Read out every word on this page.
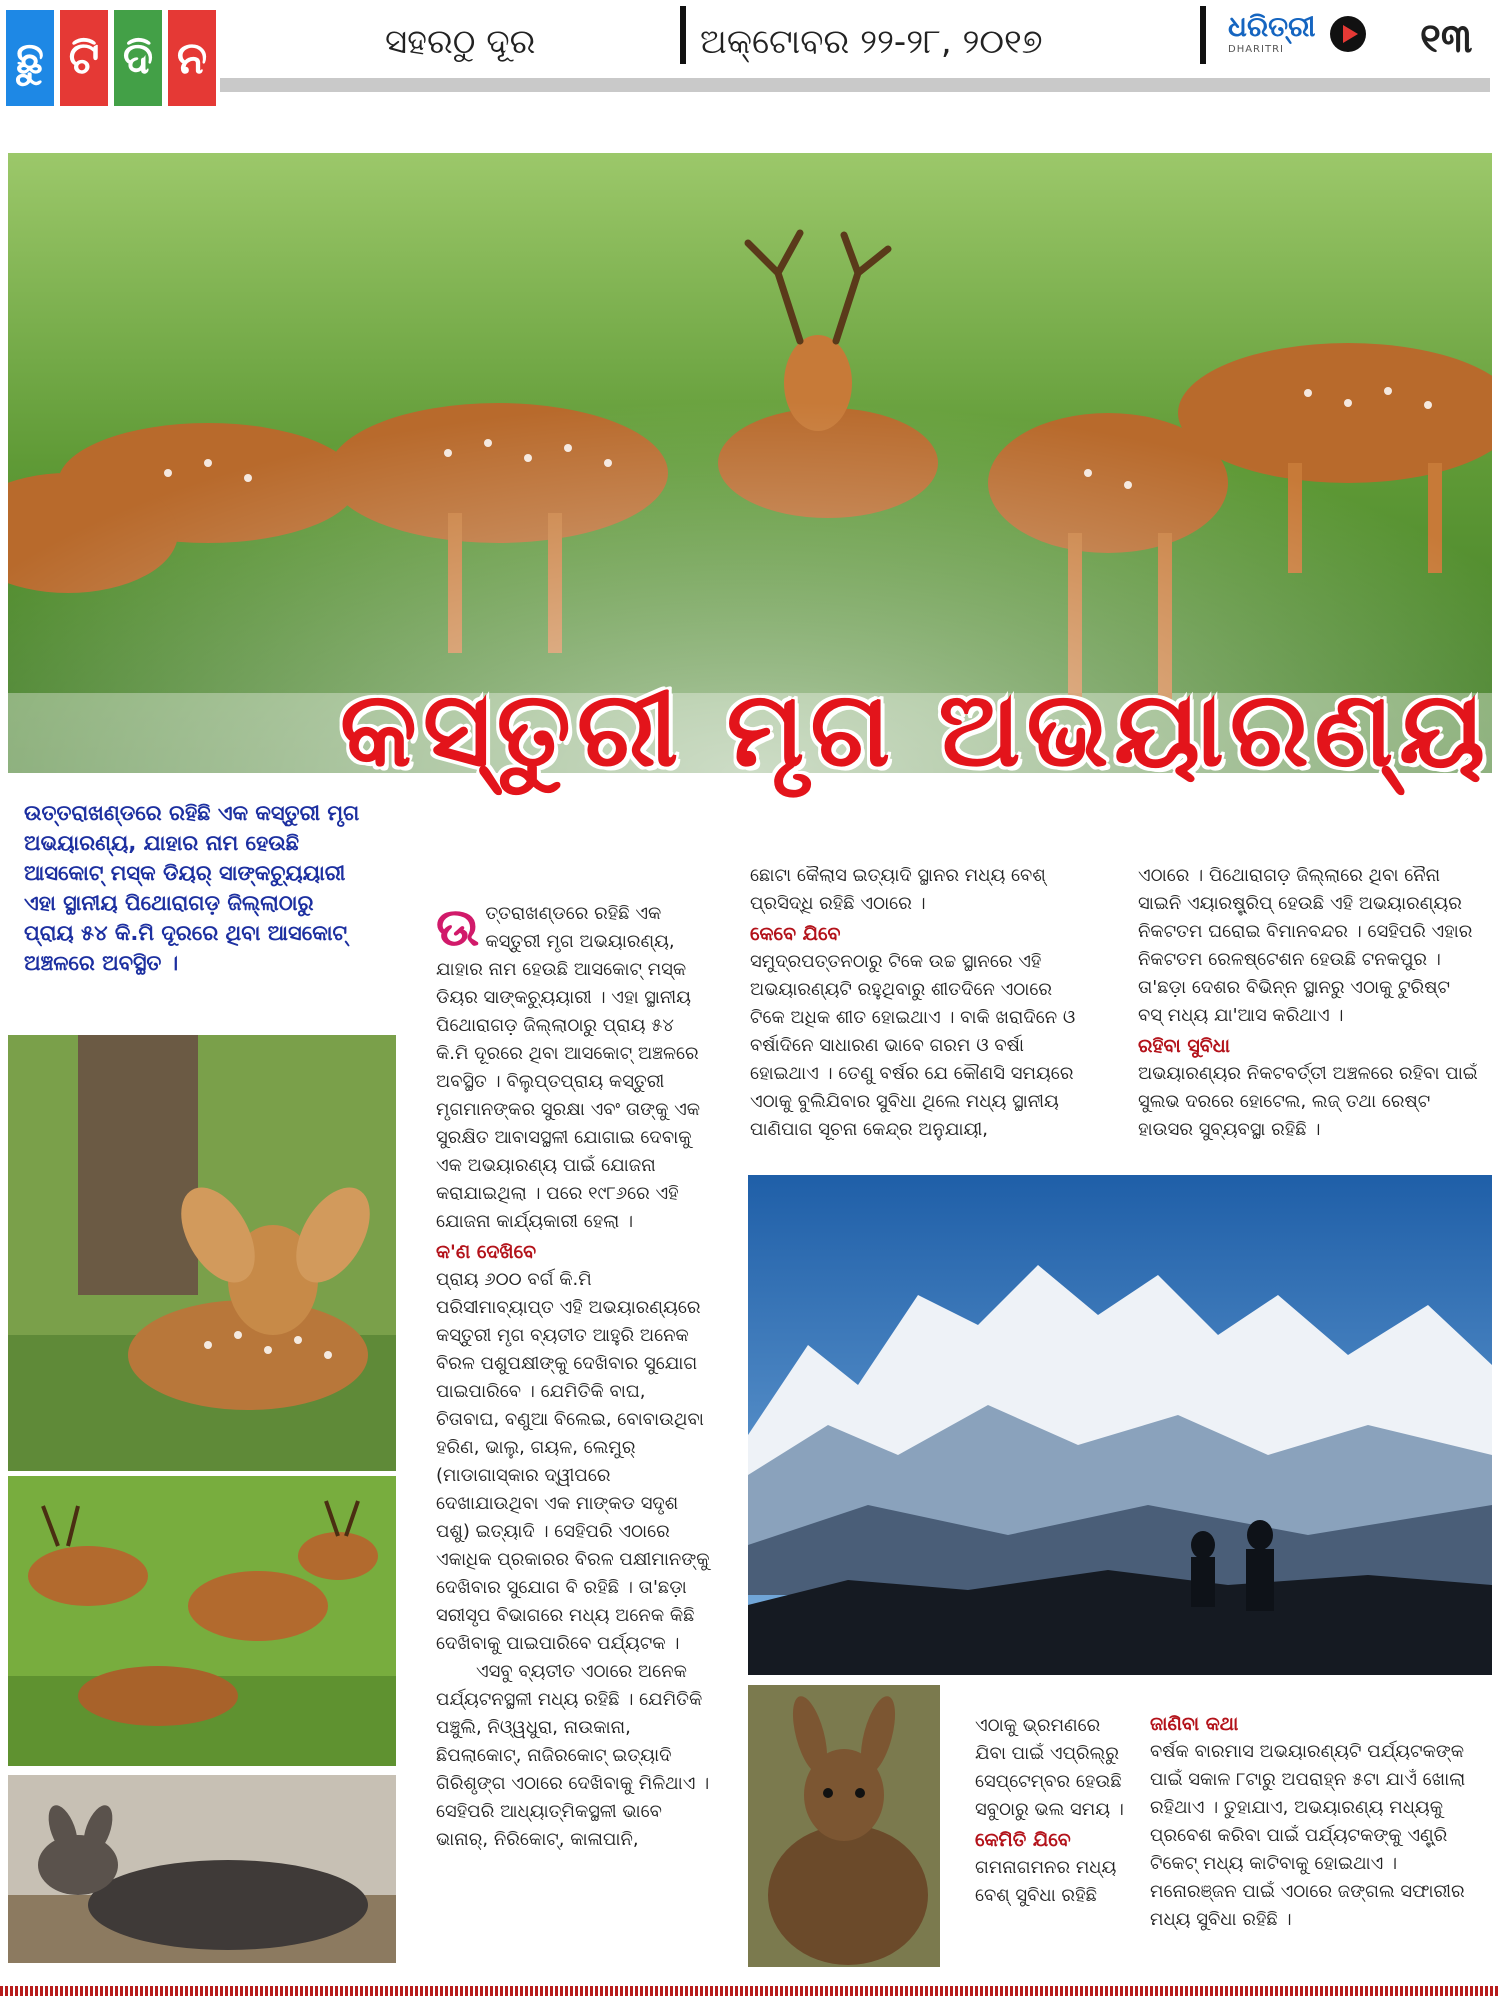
ଛୁ ଟି ଦି ନ	ସହରଠୁ ଦୂର	ଅକ୍ଟୋବର ୨୨-୨୮, ୨୦୧୭	ଧରିତ୍ରୀ
DHARITRI	୧୩
କସ୍ତୁରୀ ମୃଗ ଅଭୟାରଣ୍ୟ
ଉତ୍ତରାଖଣ୍ଡରେ ରହିଛି ଏକ କସ୍ତୁରୀ ମୃଗ ଅଭୟାରଣ୍ୟ, ଯାହାର ନାମ ହେଉଛି ଆସକୋଟ୍ ମସ୍କ ଡିୟର୍ ସାଙ୍କଚ୍ୟୁୟାରୀ ଏହା ସ୍ଥାନୀୟ ପିଥୋରାଗଡ଼ ଜିଲ୍ଲାଠାରୁ ପ୍ରାୟ ୫୪ କି.ମି ଦୂରରେ ଥିବା ଆସକୋଟ୍ ଅଞ୍ଚଳରେ ଅବସ୍ଥିତ ।

ଉତ୍ତରାଖଣ୍ଡରେ ରହିଛି ଏକ କସ୍ତୁରୀ ମୃଗ ଅଭୟାରଣ୍ୟ, ଯାହାର ନାମ ହେଉଛି ଆସକୋଟ୍ ମସ୍କ ଡିୟର ସାଙ୍କଚ୍ୟୁୟାରୀ । ଏହା ସ୍ଥାନୀୟ ପିଥୋରାଗଡ଼ ଜିଲ୍ଲାଠାରୁ ପ୍ରାୟ ୫୪ କି.ମି ଦୂରରେ ଥିବା ଆସକୋଟ୍ ଅଞ୍ଚଳରେ ଅବସ୍ଥିତ । ବିଲୁପ୍ତପ୍ରାୟ କସ୍ତୁରୀ ମୃଗମାନଙ୍କର ସୁରକ୍ଷା ଏବଂ ତାଙ୍କୁ ଏକ ସୁରକ୍ଷିତ ଆବାସସ୍ଥଳୀ ଯୋଗାଇ ଦେବାକୁ ଏକ ଅଭୟାରଣ୍ୟ ପାଇଁ ଯୋଜନା କରାଯାଇଥିଲା । ପରେ ୧୯୮୬ରେ ଏହି ଯୋଜନା କାର୍ଯ୍ୟକାରୀ ହେଲା ।

କ'ଣ ଦେଖିବେ

ପ୍ରାୟ ୬୦୦ ବର୍ଗ କି.ମି ପରିସୀମାବ୍ୟାପ୍ତ ଏହି ଅଭୟାରଣ୍ୟରେ କସ୍ତୁରୀ ମୃଗ ବ୍ୟତୀତ ଆହୁରି ଅନେକ ବିରଳ ପଶୁପକ୍ଷୀଙ୍କୁ ଦେଖିବାର ସୁଯୋଗ ପାଇପାରିବେ । ଯେମିତିକି ବାଘ, ଚିତାବାଘ, ବଣୁଆ ବିଲେଇ, ବୋବାଉଥିବା ହରିଣ, ଭାଲୁ, ଗୟଳ, ଲେମୁର୍ (ମାଡାଗାସ୍କାର ଦ୍ୱୀପରେ ଦେଖାଯାଉଥିବା ଏକ ମାଙ୍କଡ ସଦୃଶ ପଶୁ) ଇତ୍ୟାଦି । ସେହିପରି ଏଠାରେ ଏକାଧିକ ପ୍ରକାରର ବିରଳ ପକ୍ଷୀମାନଙ୍କୁ ଦେଖିବାର ସୁଯୋଗ ବି ରହିଛି । ତା'ଛଡ଼ା ସରୀସୃପ ବିଭାଗରେ ମଧ୍ୟ ଅନେକ କିଛି ଦେଖିବାକୁ ପାଇପାରିବେ ପର୍ଯ୍ୟଟକ ।

ଏସବୁ ବ୍ୟତୀତ ଏଠାରେ ଅନେକ ପର୍ଯ୍ୟଟନସ୍ଥଳୀ ମଧ୍ୟ ରହିଛି । ଯେମିତିକି ପଞ୍ଚୁଲି, ନିଓ୍ୱଧୁରା, ନାଉକାନା, ଛିପଲାକୋଟ୍, ନାଜିରକୋଟ୍ ଇତ୍ୟାଦି ଗିରିଶୃଙ୍ଗ ଏଠାରେ ଦେଖିବାକୁ ମିଳିଥାଏ । ସେହିପରି ଆଧ୍ୟାତ୍ମିକସ୍ଥଳୀ ଭାବେ ଭାନାର୍, ନିରିକୋଟ୍, କାଳାପାନି,

ଛୋଟା କୈଲାସ ଇତ୍ୟାଦି ସ୍ଥାନର ମଧ୍ୟ ବେଶ୍ ପ୍ରସିଦ୍ଧି ରହିଛି ଏଠାରେ ।

କେବେ ଯିବେ

ସମୁଦ୍ରପତ୍ତନଠାରୁ ଟିକେ ଉଚ୍ଚ ସ୍ଥାନରେ ଏହି ଅଭୟାରଣ୍ୟଟି ରହୁଥିବାରୁ ଶୀତଦିନେ ଏଠାରେ ଟିକେ ଅଧିକ ଶୀତ ହୋଇଥାଏ । ବାକି ଖରାଦିନେ ଓ ବର୍ଷାଦିନେ ସାଧାରଣ ଭାବେ ଗରମ ଓ ବର୍ଷା ହୋଇଥାଏ । ତେଣୁ ବର୍ଷର ଯେ କୌଣସି ସମୟରେ ଏଠାକୁ ବୁଲିଯିବାର ସୁବିଧା ଥିଲେ ମଧ୍ୟ ସ୍ଥାନୀୟ ପାଣିପାଗ ସୂଚନା କେନ୍ଦ୍ର ଅନୁଯାୟୀ,

ଏଠାରେ । ପିଥୋରାଗଡ଼ ଜିଲ୍ଲାରେ ଥିବା ନୈନା ସାଇନି ଏୟାରଷ୍ଟ୍ରିପ୍ ହେଉଛି ଏହି ଅଭୟାରଣ୍ୟର ନିକଟତମ ଘରୋଇ ବିମାନବନ୍ଦର । ସେହିପରି ଏହାର ନିକଟତମ ରେଳଷ୍ଟେଶନ ହେଉଛି ଟନକପୁର । ତା'ଛଡ଼ା ଦେଶର ବିଭିନ୍ନ ସ୍ଥାନରୁ ଏଠାକୁ ଟୁରିଷ୍ଟ ବସ୍ ମଧ୍ୟ ଯା'ଆସ କରିଥାଏ ।

ରହିବା ସୁବିଧା

ଅଭୟାରଣ୍ୟର ନିକଟବର୍ତ୍ତୀ ଅଞ୍ଚଳରେ ରହିବା ପାଇଁ ସୁଲଭ ଦରରେ ହୋଟେଲ, ଲଜ୍ ତଥା ରେଷ୍ଟ ହାଉସର ସୁବ୍ୟବସ୍ଥା ରହିଛି ।

ଏଠାକୁ ଭ୍ରମଣରେ ଯିବା ପାଇଁ ଏପ୍ରିଲ୍‌ରୁ ସେପ୍ଟେମ୍ବର ହେଉଛି ସବୁଠାରୁ ଭଲ ସମୟ ।

କେମିତି ଯିବେ

ଗମନାଗମନର ମଧ୍ୟ ବେଶ୍ ସୁବିଧା ରହିଛି

ଜାଣିବା କଥା

ବର୍ଷକ ବାରମାସ ଅଭୟାରଣ୍ୟଟି ପର୍ଯ୍ୟଟକଙ୍କ ପାଇଁ ସକାଳ ୮ଟାରୁ ଅପରାହ୍ନ ୫ଟା ଯାଏଁ ଖୋଲା ରହିଥାଏ । ତୁହାଯାଏ, ଅଭୟାରଣ୍ୟ ମଧ୍ୟକୁ ପ୍ରବେଶ କରିବା ପାଇଁ ପର୍ଯ୍ୟଟକଙ୍କୁ ଏଣ୍ଟ୍ରି ଟିକେଟ୍ ମଧ୍ୟ କାଟିବାକୁ ହୋଇଥାଏ । ମନୋରଞ୍ଜନ ପାଇଁ ଏଠାରେ ଜଙ୍ଗଲ ସଫାରୀର ମଧ୍ୟ ସୁବିଧା ରହିଛି ।
